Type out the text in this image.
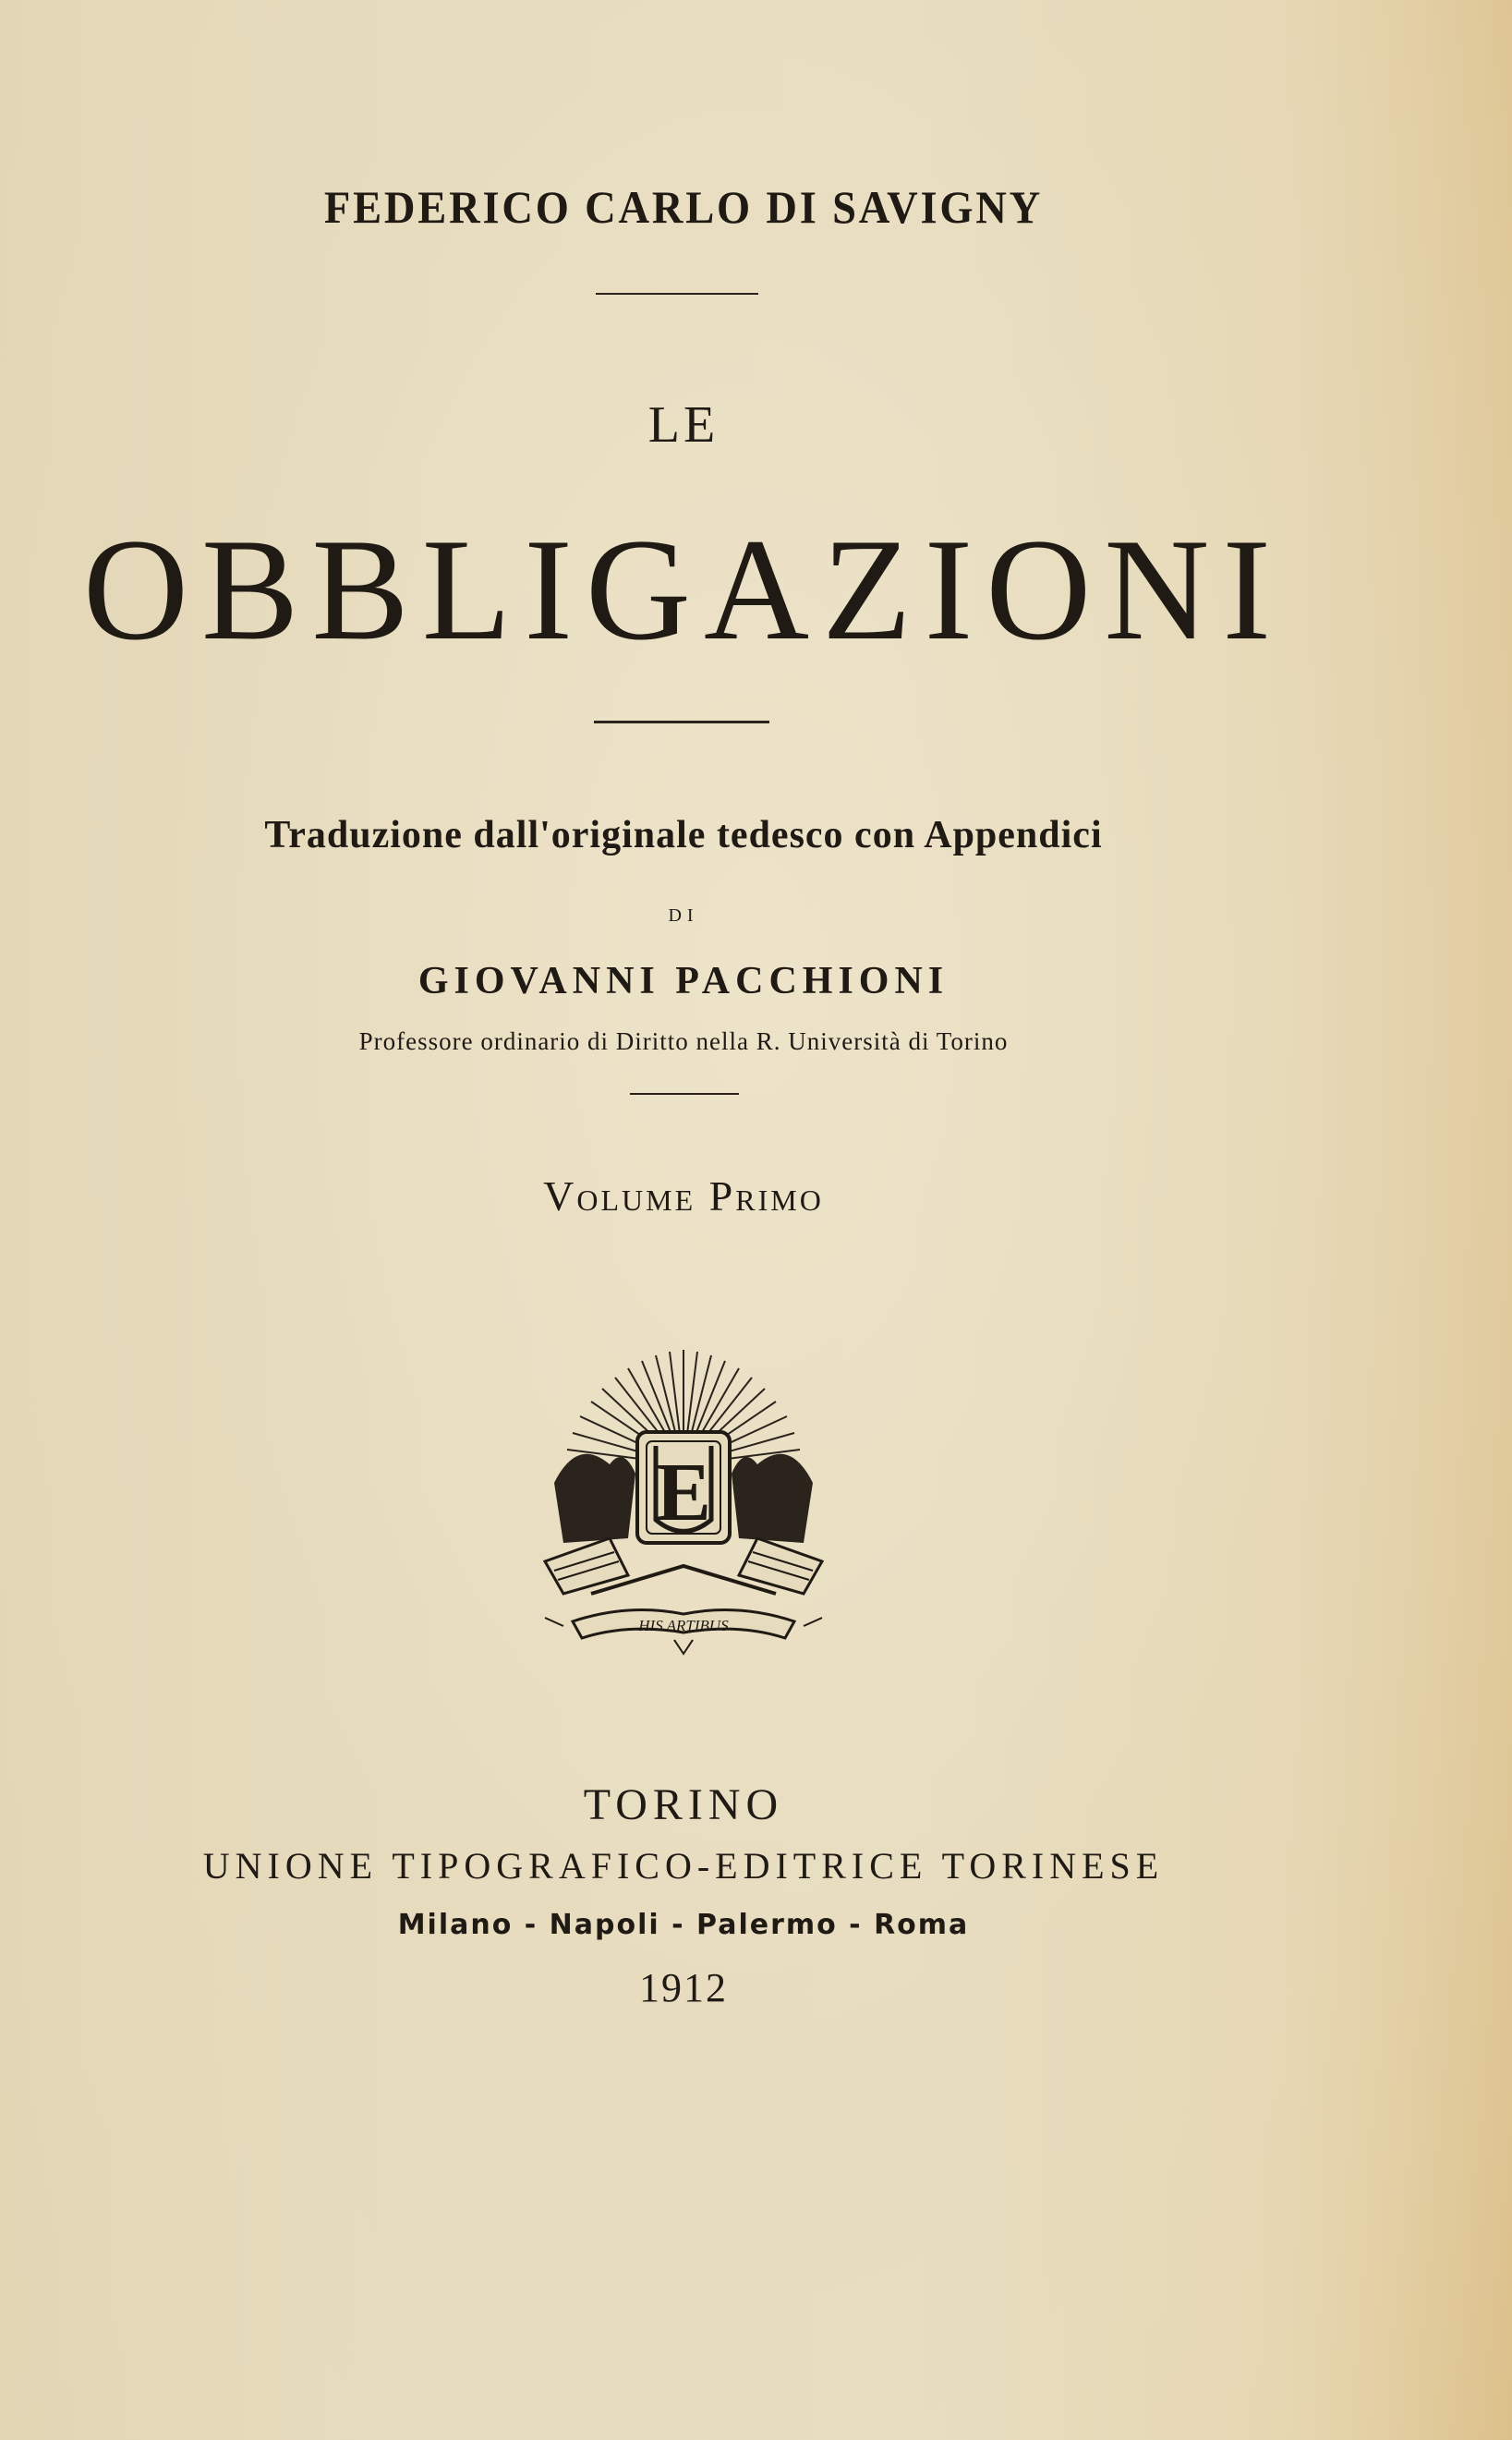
FEDERICO CARLO DI SAVIGNY
LE
OBBLIGAZIONI
Traduzione dall'originale tedesco con Appendici
DI
GIOVANNI PACCHIONI
Professore ordinario di Diritto nella R. Università di Torino
Volume Primo
E
HIS ARTIBUS
TORINO
UNIONE TIPOGRAFICO-EDITRICE TORINESE
Milano - Napoli - Palermo - Roma
1912
